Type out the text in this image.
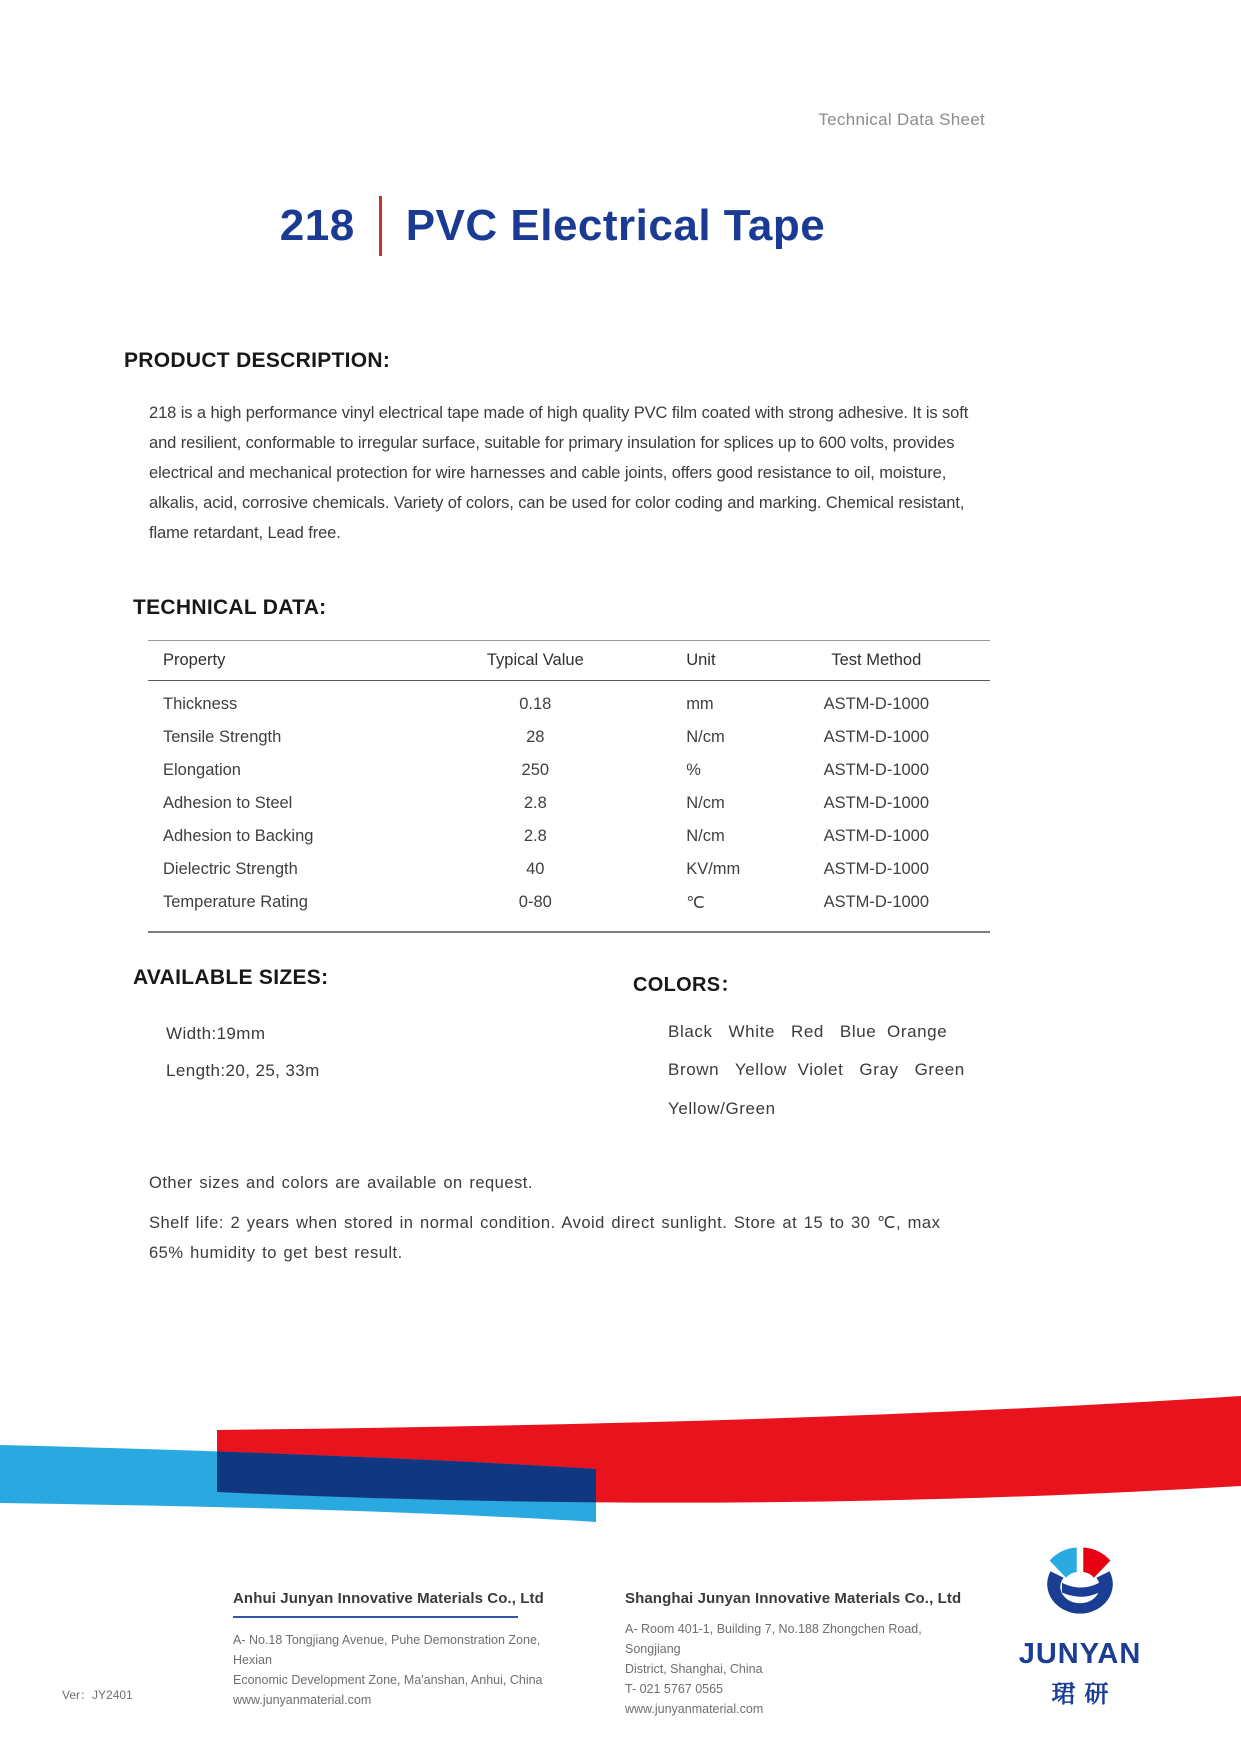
Technical Data Sheet
218 PVC Electrical Tape
PRODUCT DESCRIPTION:
218 is a high performance vinyl electrical tape made of high quality PVC film coated with strong adhesive. It is soft and resilient, conformable to irregular surface, suitable for primary insulation for splices up to 600 volts, provides electrical and mechanical protection for wire harnesses and cable joints, offers good resistance to oil, moisture, alkalis, acid, corrosive chemicals. Variety of colors, can be used for color coding and marking. Chemical resistant, flame retardant, Lead free.
TECHNICAL DATA:
Property	Typical Value	Unit	Test Method
Thickness	0.18	mm	ASTM-D-1000
Tensile Strength	28	N/cm	ASTM-D-1000
Elongation	250	%	ASTM-D-1000
Adhesion to Steel	2.8	N/cm	ASTM-D-1000
Adhesion to Backing	2.8	N/cm	ASTM-D-1000
Dielectric Strength	40	KV/mm	ASTM-D-1000
Temperature Rating	0-80	℃	ASTM-D-1000
AVAILABLE SIZES:
Width:19mm
Length:20, 25, 33m
COLORS：
Black   White   Red   Blue  Orange
Brown   Yellow  Violet   Gray   Green
Yellow/Green
Other sizes and colors are available on request.
Shelf life: 2 years when stored in normal condition. Avoid direct sunlight. Store at 15 to 30 ℃, max 65% humidity to get best result.
Anhui Junyan Innovative Materials Co., Ltd
A- No.18 Tongjiang Avenue, Puhe Demonstration Zone, Hexian
Economic Development Zone, Ma'anshan, Anhui, China
www.junyanmaterial.com
Shanghai Junyan Innovative Materials Co., Ltd
A- Room 401-1, Building 7, No.188 Zhongchen Road, Songjiang
District, Shanghai, China
T- 021 5767 0565
www.junyanmaterial.com
Ver：JY2401
JUNYAN
珺研
